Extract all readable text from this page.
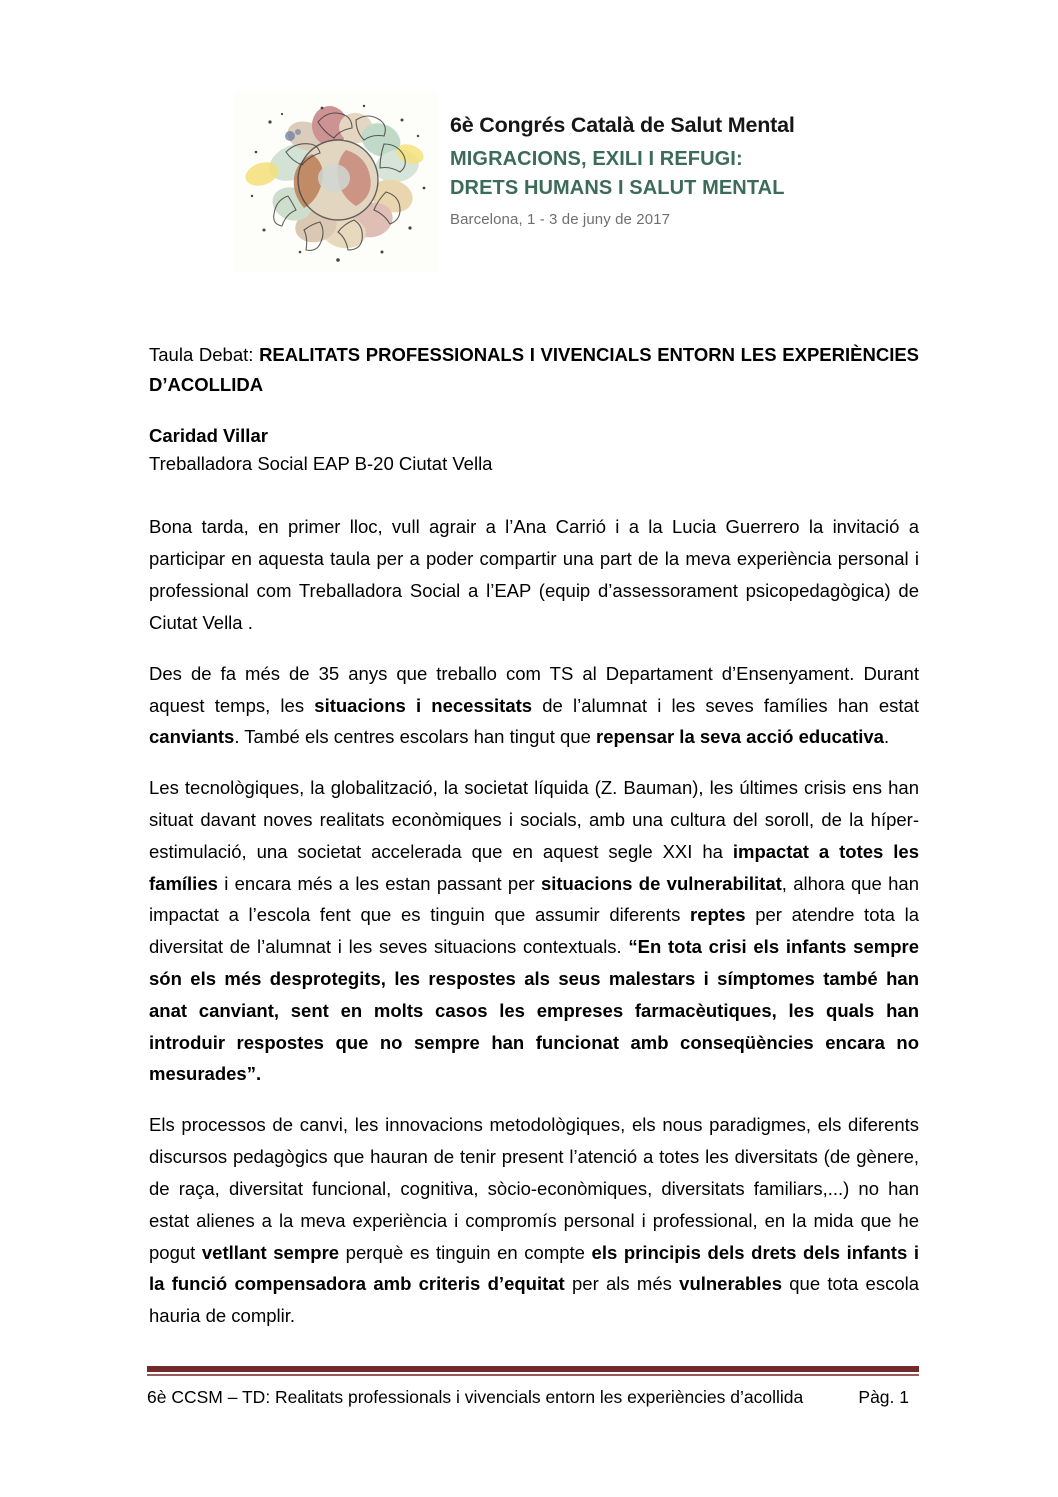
6è Congrés Català de Salut Mental
MIGRACIONS, EXILI I REFUGI:
DRETS HUMANS I SALUT MENTAL
Barcelona, 1 - 3 de juny de 2017
Taula Debat: REALITATS PROFESSIONALS I VIVENCIALS ENTORN LES EXPERIÈNCIES D’ACOLLIDA
Caridad Villar
Treballadora Social EAP B-20 Ciutat Vella

Bona tarda, en primer lloc, vull agrair a l’Ana Carrió i a la Lucia Guerrero la invitació a participar en aquesta taula per a poder compartir una part de la meva experiència personal i professional com Treballadora Social a l’EAP (equip d’assessorament psicopedagògica) de Ciutat Vella .

Des de fa més de 35 anys que treballo com TS al Departament d’Ensenyament. Durant aquest temps, les situacions i necessitats de l’alumnat i les seves famílies han estat canviants. També els centres escolars han tingut que repensar la seva acció educativa.

Les tecnològiques, la globalització, la societat líquida (Z. Bauman), les últimes crisis ens han situat davant noves realitats econòmiques i socials, amb una cultura del soroll, de la híper-estimulació, una societat accelerada que en aquest segle XXI ha impactat a totes les famílies i encara més a les estan passant per situacions de vulnerabilitat, alhora que han impactat a l’escola fent que es tinguin que assumir diferents reptes per atendre tota la diversitat de l’alumnat i les seves situacions contextuals. “En tota crisi els infants sempre són els més desprotegits, les respostes als seus malestars i símptomes també han anat canviant, sent en molts casos les empreses farmacèutiques, les quals han introduir respostes que no sempre han funcionat amb conseqüències encara no mesurades”.

Els processos de canvi, les innovacions metodològiques, els nous paradigmes, els diferents discursos pedagògics que hauran de tenir present l’atenció a totes les diversitats (de gènere, de raça, diversitat funcional, cognitiva, sòcio-econòmiques, diversitats familiars,...) no han estat alienes a la meva experiència i compromís personal i professional, en la mida que he pogut vetllant sempre perquè es tinguin en compte els principis dels drets dels infants i la funció compensadora amb criteris d’equitat per als més vulnerables que tota escola hauria de complir.

6è CCSM – TD: Realitats professionals i vivencials entorn les experiències d’acollida	Pàg. 1
